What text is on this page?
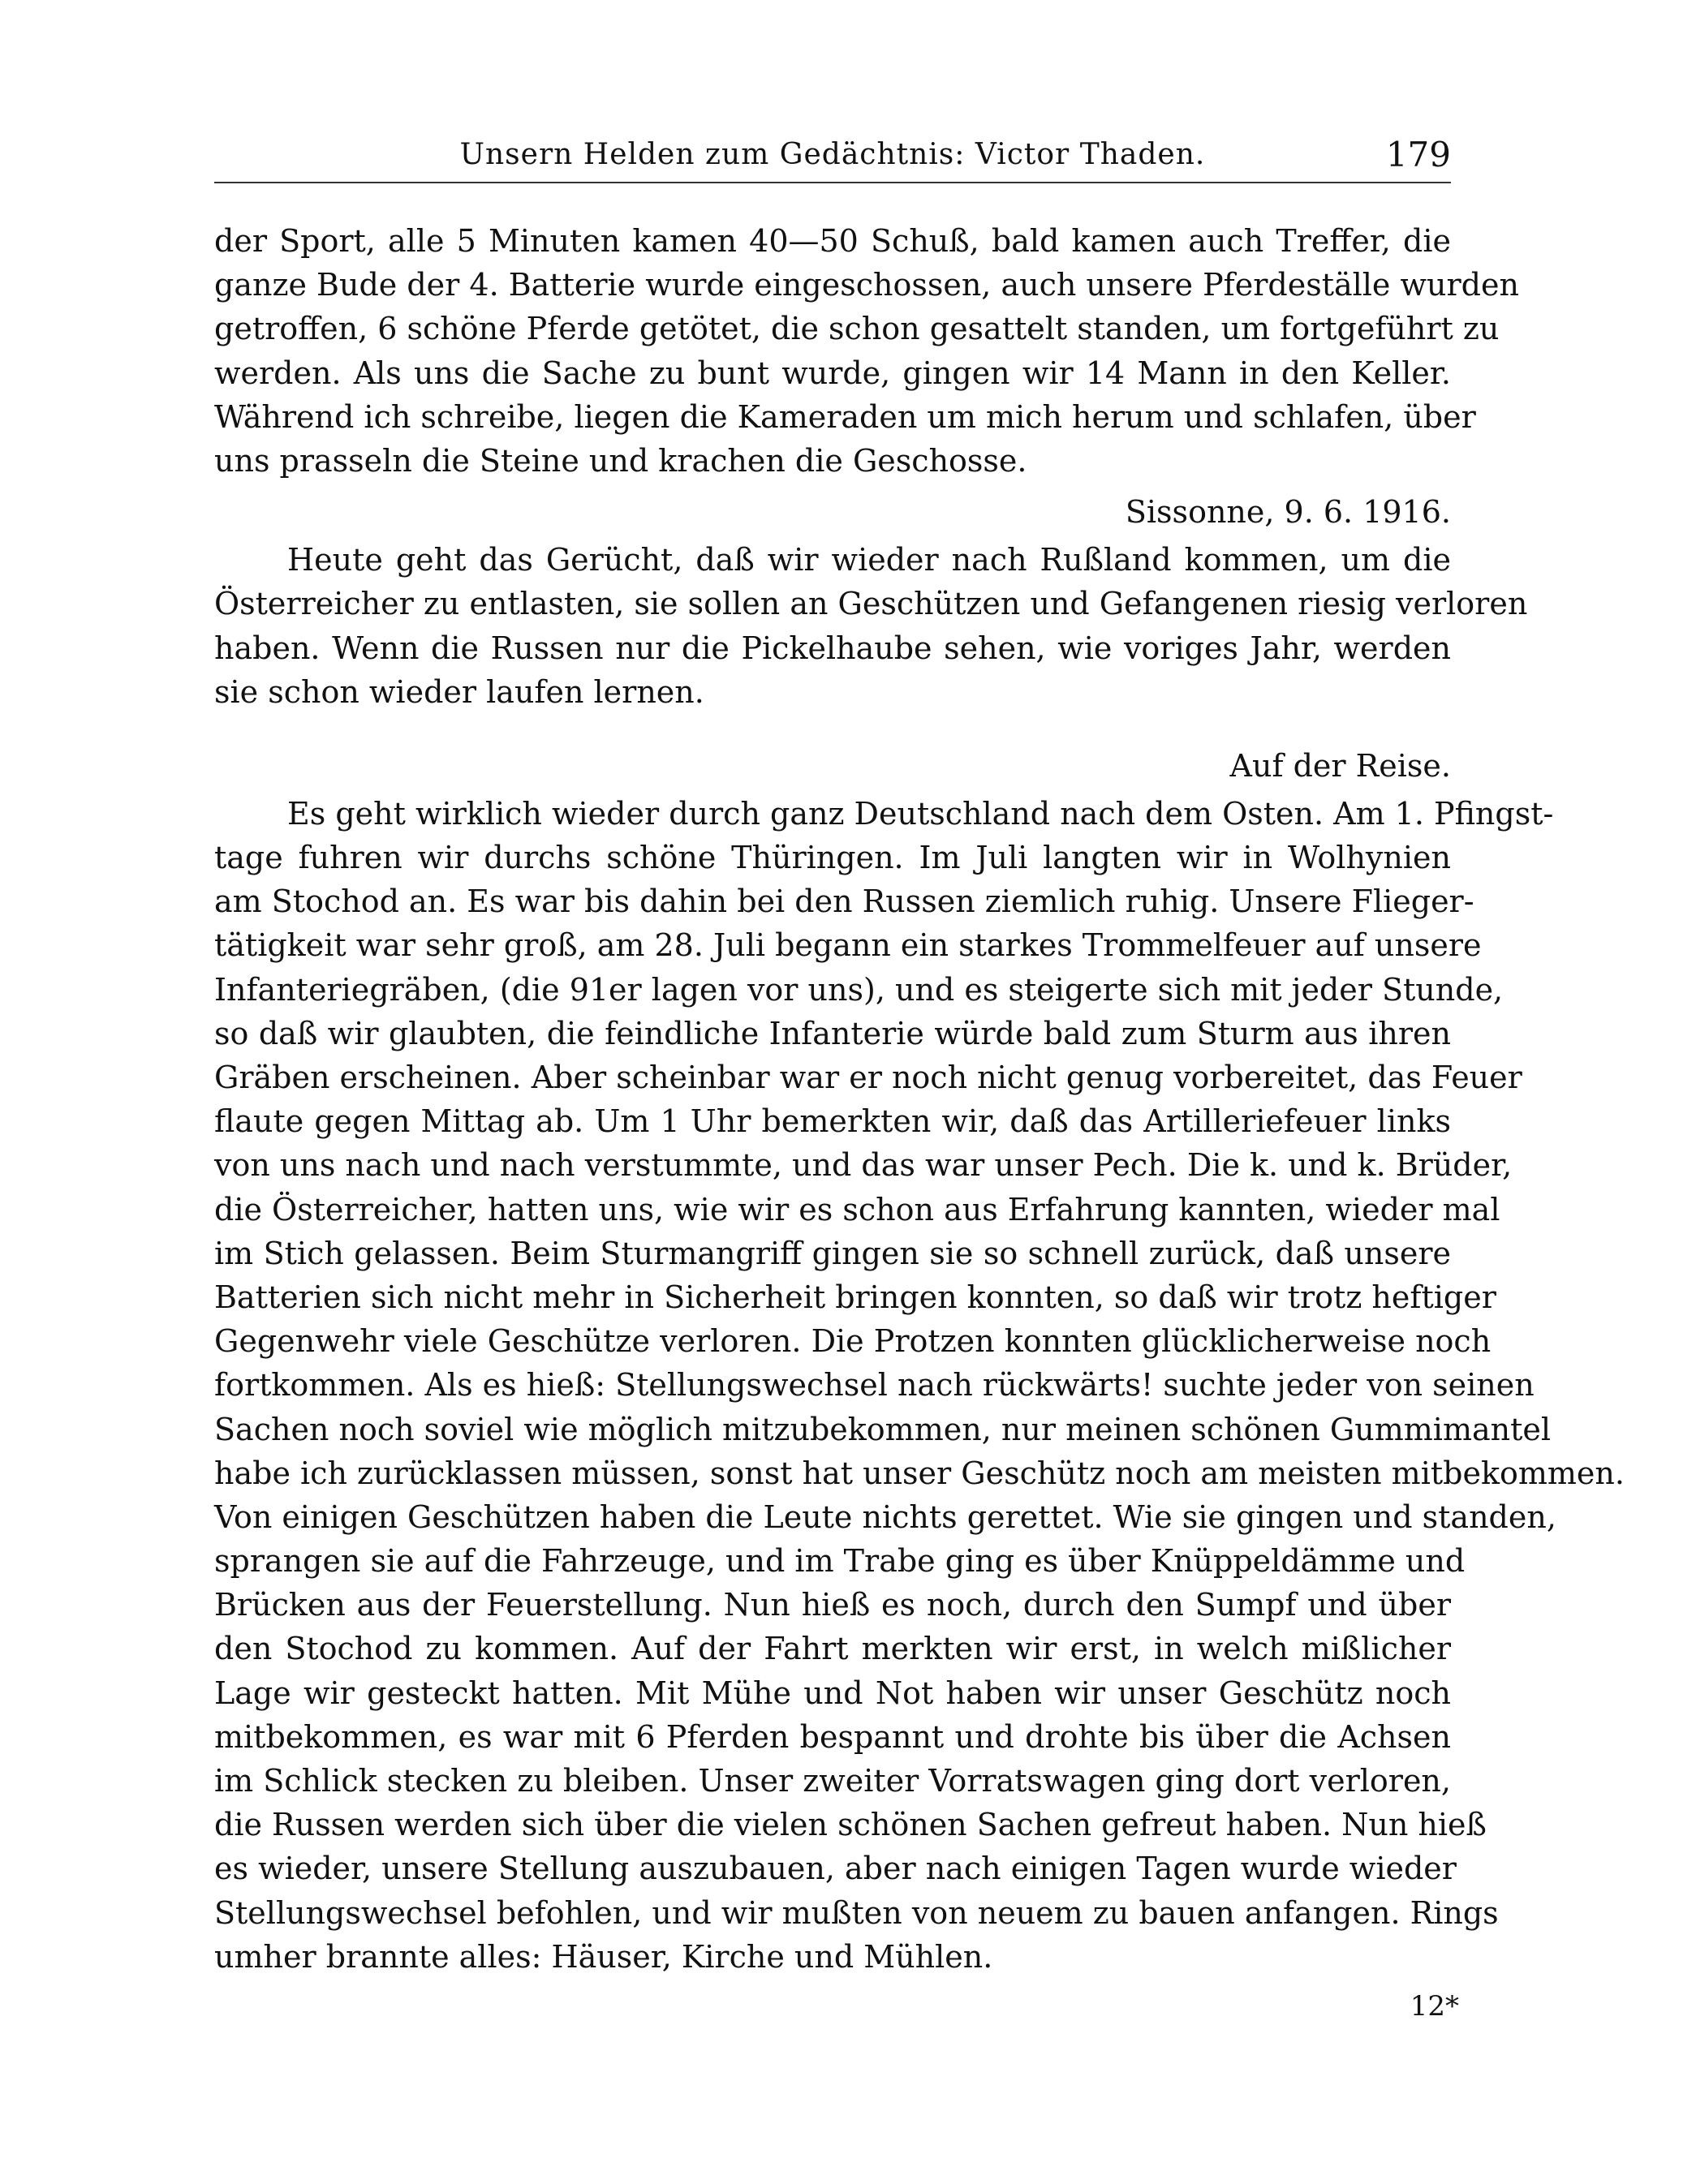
Unsern Helden zum Gedächtnis: Victor Thaden.	179
der Sport, alle 5 Minuten kamen 40—50 Schuß, bald kamen auch Treffer, die
ganze Bude der 4. Batterie wurde eingeschossen, auch unsere Pferdeställe wurden
getroffen, 6 schöne Pferde getötet, die schon gesattelt standen, um fortgeführt zu
werden. Als uns die Sache zu bunt wurde, gingen wir 14 Mann in den Keller.
Während ich schreibe, liegen die Kameraden um mich herum und schlafen, über
uns prasseln die Steine und krachen die Geschosse.
Sissonne, 9. 6. 1916.
Heute geht das Gerücht, daß wir wieder nach Rußland kommen, um die
Österreicher zu entlasten, sie sollen an Geschützen und Gefangenen riesig verloren
haben. Wenn die Russen nur die Pickelhaube sehen, wie voriges Jahr, werden
sie schon wieder laufen lernen.
Auf der Reise.
Es geht wirklich wieder durch ganz Deutschland nach dem Osten. Am 1. Pfingst-
tage fuhren wir durchs schöne Thüringen. Im Juli langten wir in Wolhynien
am Stochod an. Es war bis dahin bei den Russen ziemlich ruhig. Unsere Flieger-
tätigkeit war sehr groß, am 28. Juli begann ein starkes Trommelfeuer auf unsere
Infanteriegräben, (die 91er lagen vor uns), und es steigerte sich mit jeder Stunde,
so daß wir glaubten, die feindliche Infanterie würde bald zum Sturm aus ihren
Gräben erscheinen. Aber scheinbar war er noch nicht genug vorbereitet, das Feuer
flaute gegen Mittag ab. Um 1 Uhr bemerkten wir, daß das Artilleriefeuer links
von uns nach und nach verstummte, und das war unser Pech. Die k. und k. Brüder,
die Österreicher, hatten uns, wie wir es schon aus Erfahrung kannten, wieder mal
im Stich gelassen. Beim Sturmangriff gingen sie so schnell zurück, daß unsere
Batterien sich nicht mehr in Sicherheit bringen konnten, so daß wir trotz heftiger
Gegenwehr viele Geschütze verloren. Die Protzen konnten glücklicherweise noch
fortkommen. Als es hieß: Stellungswechsel nach rückwärts! suchte jeder von seinen
Sachen noch soviel wie möglich mitzubekommen, nur meinen schönen Gummimantel
habe ich zurücklassen müssen, sonst hat unser Geschütz noch am meisten mitbekommen.
Von einigen Geschützen haben die Leute nichts gerettet. Wie sie gingen und standen,
sprangen sie auf die Fahrzeuge, und im Trabe ging es über Knüppeldämme und
Brücken aus der Feuerstellung. Nun hieß es noch, durch den Sumpf und über
den Stochod zu kommen. Auf der Fahrt merkten wir erst, in welch mißlicher
Lage wir gesteckt hatten. Mit Mühe und Not haben wir unser Geschütz noch
mitbekommen, es war mit 6 Pferden bespannt und drohte bis über die Achsen
im Schlick stecken zu bleiben. Unser zweiter Vorratswagen ging dort verloren,
die Russen werden sich über die vielen schönen Sachen gefreut haben. Nun hieß
es wieder, unsere Stellung auszubauen, aber nach einigen Tagen wurde wieder
Stellungswechsel befohlen, und wir mußten von neuem zu bauen anfangen. Rings
umher brannte alles: Häuser, Kirche und Mühlen.
12*
